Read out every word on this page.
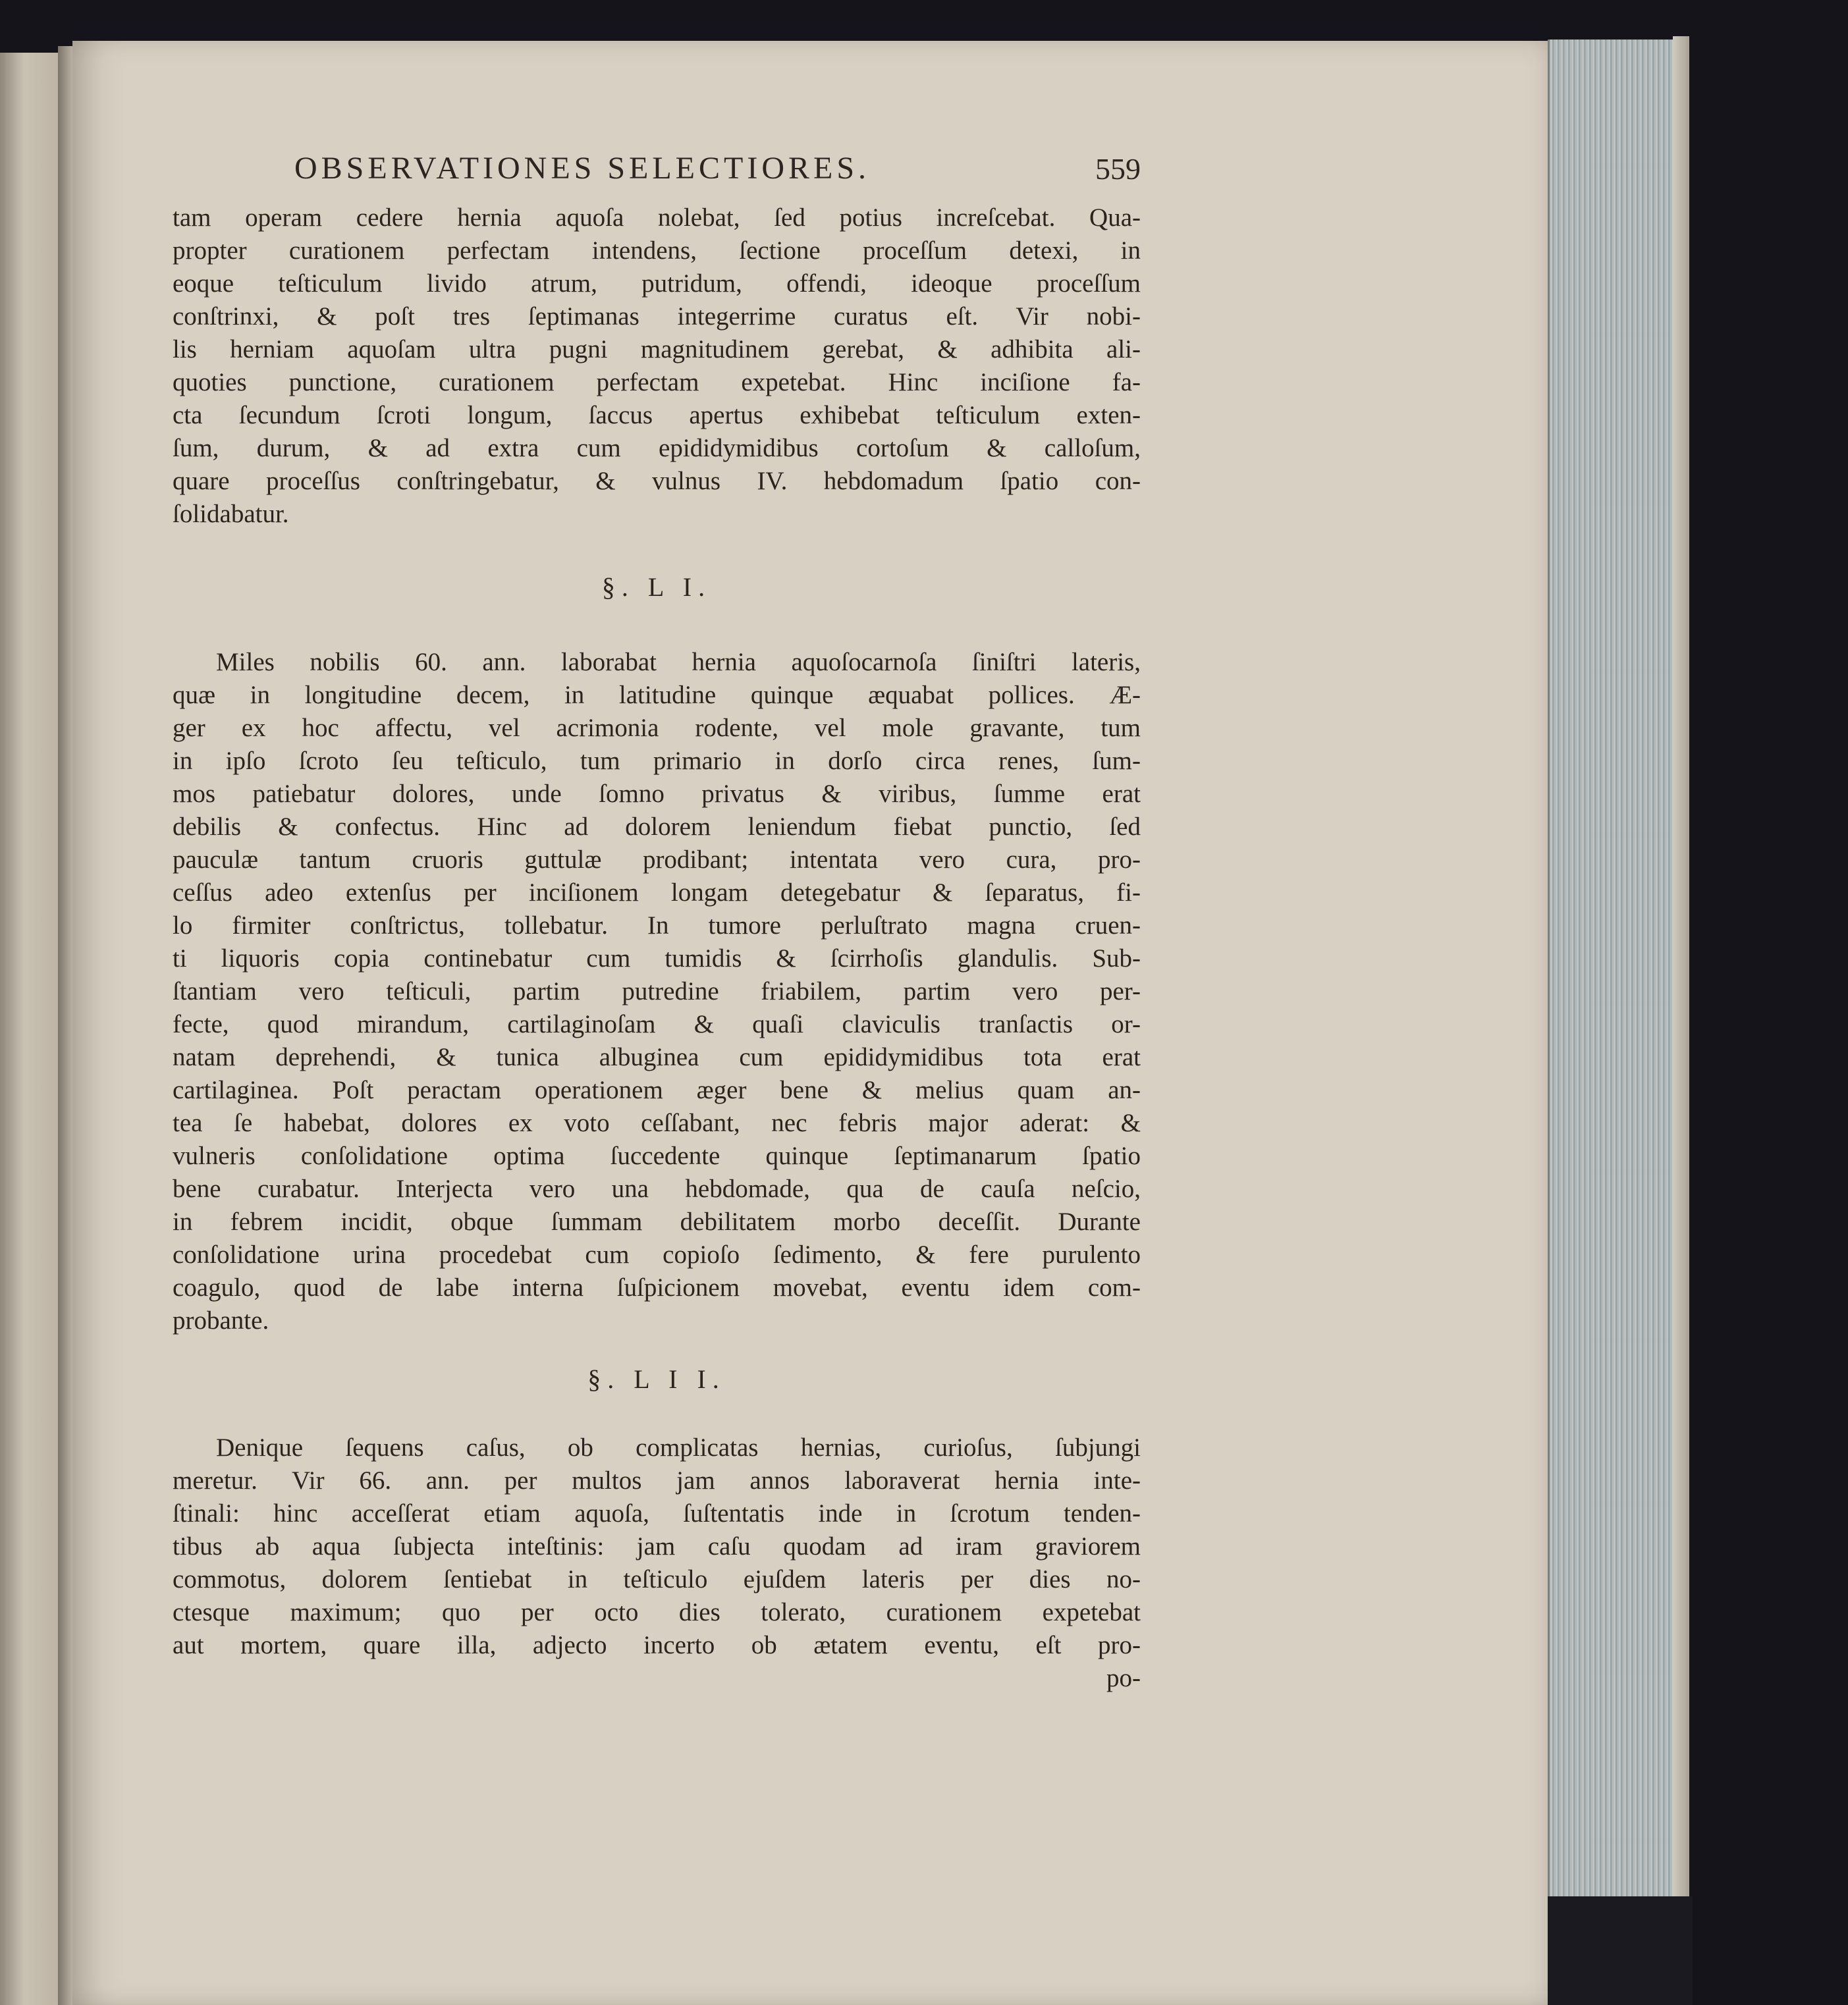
OBSERVATIONES SELECTIORES.	559

tam operam cedere hernia aquoſa nolebat, ſed potius increſcebat. Qua-
propter curationem perfectam intendens, ſectione proceſſum detexi, in
eoque teſticulum livido atrum, putridum, offendi, ideoque proceſſum
conſtrinxi, & poſt tres ſeptimanas integerrime curatus eſt. Vir nobi-
lis herniam aquoſam ultra pugni magnitudinem gerebat, & adhibita ali-
quoties punctione, curationem perfectam expetebat. Hinc inciſione fa-
cta ſecundum ſcroti longum, ſaccus apertus exhibebat teſticulum exten-
ſum, durum, & ad extra cum epididymidibus cortoſum & calloſum,
quare proceſſus conſtringebatur, & vulnus IV. hebdomadum ſpatio con-
ſolidabatur.

§. L I.

Miles nobilis 60. ann. laborabat hernia aquoſocarnoſa ſiniſtri lateris,
quæ in longitudine decem, in latitudine quinque æquabat pollices. Æ-
ger ex hoc affectu, vel acrimonia rodente, vel mole gravante, tum
in ipſo ſcroto ſeu teſticulo, tum primario in dorſo circa renes, ſum-
mos patiebatur dolores, unde ſomno privatus & viribus, ſumme erat
debilis & confectus. Hinc ad dolorem leniendum fiebat punctio, ſed
pauculæ tantum cruoris guttulæ prodibant; intentata vero cura, pro-
ceſſus adeo extenſus per inciſionem longam detegebatur & ſeparatus, fi-
lo firmiter conſtrictus, tollebatur. In tumore perluſtrato magna cruen-
ti liquoris copia continebatur cum tumidis & ſcirrhoſis glandulis. Sub-
ſtantiam vero teſticuli, partim putredine friabilem, partim vero per-
fecte, quod mirandum, cartilaginoſam & quaſi claviculis tranſactis or-
natam deprehendi, & tunica albuginea cum epididymidibus tota erat
cartilaginea. Poſt peractam operationem æger bene & melius quam an-
tea ſe habebat, dolores ex voto ceſſabant, nec febris major aderat: &
vulneris conſolidatione optima ſuccedente quinque ſeptimanarum ſpatio
bene curabatur. Interjecta vero una hebdomade, qua de cauſa neſcio,
in febrem incidit, obque ſummam debilitatem morbo deceſſit. Durante
conſolidatione urina procedebat cum copioſo ſedimento, & fere purulento
coagulo, quod de labe interna ſuſpicionem movebat, eventu idem com-
probante.

§. L I I.

Denique ſequens caſus, ob complicatas hernias, curioſus, ſubjungi
meretur. Vir 66. ann. per multos jam annos laboraverat hernia inte-
ſtinali: hinc acceſſerat etiam aquoſa, ſuſtentatis inde in ſcrotum tenden-
tibus ab aqua ſubjecta inteſtinis: jam caſu quodam ad iram graviorem
commotus, dolorem ſentiebat in teſticulo ejuſdem lateris per dies no-
ctesque maximum; quo per octo dies tolerato, curationem expetebat
aut mortem, quare illa, adjecto incerto ob ætatem eventu, eſt pro-

po-
